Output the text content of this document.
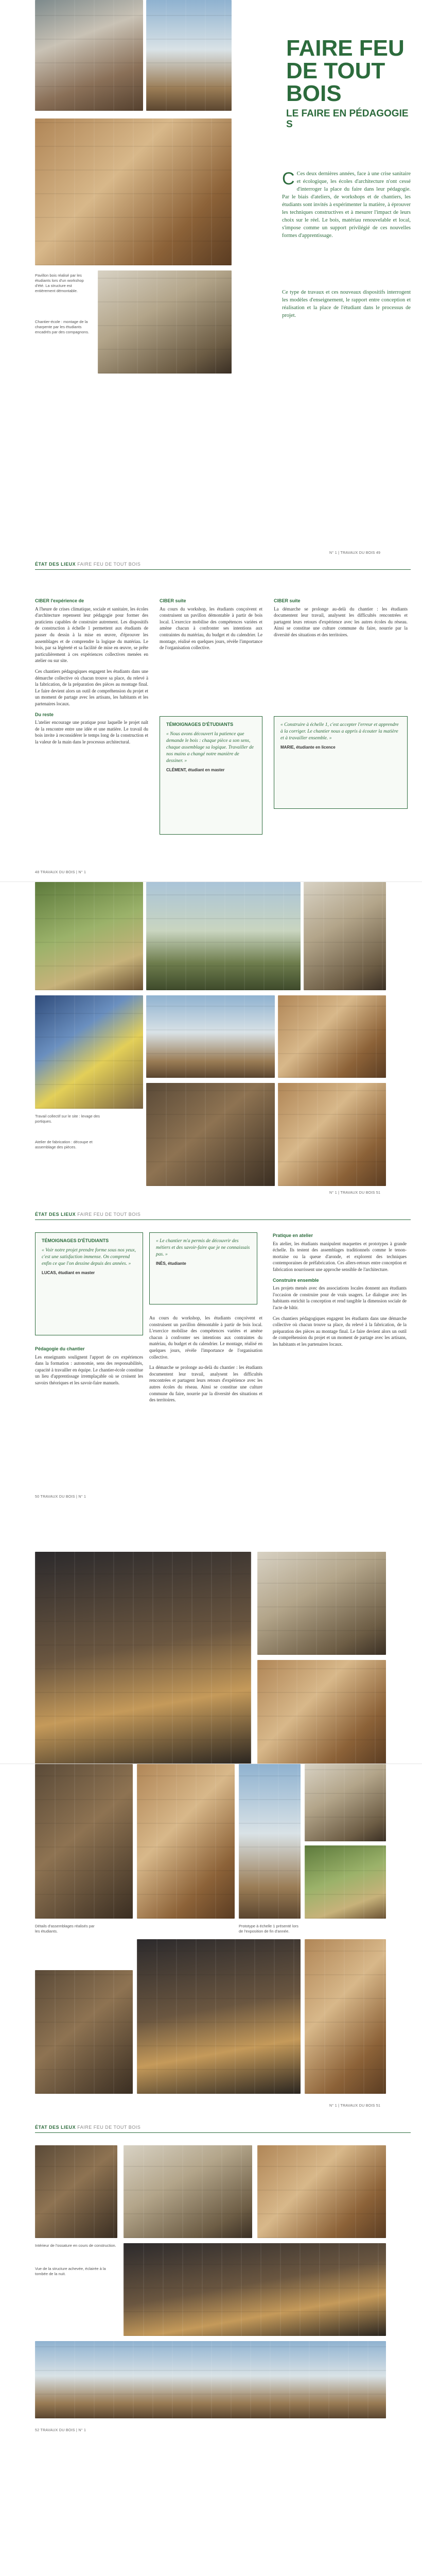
FAIRE FEU DE TOUT BOIS
LE FAIRE EN PÉDAGOGIE S
Pavillon bois réalisé par les étudiants lors d'un workshop d'été. La structure est entièrement démontable.
Chantier-école : montage de la charpente par les étudiants encadrés par des compagnons.
C Ces deux dernières années, face à une crise sanitaire et écologique, les écoles d'architecture n'ont cessé d'interroger la place du faire dans leur pédagogie. Par le biais d'ateliers, de workshops et de chantiers, les étudiants sont invités à expérimenter la matière, à éprouver les techniques constructives et à mesurer l'impact de leurs choix sur le réel. Le bois, matériau renouvelable et local, s'impose comme un support privilégié de ces nouvelles formes d'apprentissage.
Ce type de travaux et ces nouveaux dispositifs interrogent les modèles d'enseignement, le rapport entre conception et réalisation et la place de l'étudiant dans le processus de projet.
N° 1 | TRAVAUX DU BOIS 49
ÉTAT DES LIEUX FAIRE FEU DE TOUT BOIS
CIBER l'expérience de

A l'heure de crises climatique, sociale et sanitaire, les écoles d'architecture repensent leur pédagogie pour former des praticiens capables de construire autrement. Les dispositifs de construction à échelle 1 permettent aux étudiants de passer du dessin à la mise en œuvre, d'éprouver les assemblages et de comprendre la logique du matériau. Le bois, par sa légèreté et sa facilité de mise en œuvre, se prête particulièrement à ces expériences collectives menées en atelier ou sur site.

Ces chantiers pédagogiques engagent les étudiants dans une démarche collective où chacun trouve sa place, du relevé à la fabrication, de la préparation des pièces au montage final. Le faire devient alors un outil de compréhension du projet et un moment de partage avec les artisans, les habitants et les partenaires locaux.

Du reste

L'atelier encourage une pratique pour laquelle le projet naît de la rencontre entre une idée et une matière. Le travail du bois invite à reconsidérer le temps long de la construction et la valeur de la main dans le processus architectural.

CIBER suite

Au cours du workshop, les étudiants conçoivent et construisent un pavillon démontable à partir de bois local. L'exercice mobilise des compétences variées et amène chacun à confronter ses intentions aux contraintes du matériau, du budget et du calendrier. Le montage, réalisé en quelques jours, révèle l'importance de l'organisation collective.

TÉMOIGNAGES D'ÉTUDIANTS
« Nous avons découvert la patience que demande le bois : chaque pièce a son sens, chaque assemblage sa logique. Travailler de nos mains a changé notre manière de dessiner. »
CLÉMENT, étudiant en master
CIBER suite

La démarche se prolonge au-delà du chantier : les étudiants documentent leur travail, analysent les difficultés rencontrées et partagent leurs retours d'expérience avec les autres écoles du réseau. Ainsi se constitue une culture commune du faire, nourrie par la diversité des situations et des territoires.

« Construire à échelle 1, c'est accepter l'erreur et apprendre à la corriger. Le chantier nous a appris à écouter la matière et à travailler ensemble. »
MARIE, étudiante en licence
48 TRAVAUX DU BOIS | N° 1
Travail collectif sur le site : levage des portiques.
Atelier de fabrication : découpe et assemblage des pièces.
N° 1 | TRAVAUX DU BOIS 51
ÉTAT DES LIEUX FAIRE FEU DE TOUT BOIS
TÉMOIGNAGES D'ÉTUDIANTS
« Voir notre projet prendre forme sous nos yeux, c'est une satisfaction immense. On comprend enfin ce que l'on dessine depuis des années. »
LUCAS, étudiant en master
« Le chantier m'a permis de découvrir des métiers et des savoir-faire que je ne connaissais pas. »
INÈS, étudiante
Pédagogie du chantier

Les enseignants soulignent l'apport de ces expériences dans la formation : autonomie, sens des responsabilités, capacité à travailler en équipe. Le chantier-école constitue un lieu d'apprentissage irremplaçable où se croisent les savoirs théoriques et les savoir-faire manuels.

Au cours du workshop, les étudiants conçoivent et construisent un pavillon démontable à partir de bois local. L'exercice mobilise des compétences variées et amène chacun à confronter ses intentions aux contraintes du matériau, du budget et du calendrier. Le montage, réalisé en quelques jours, révèle l'importance de l'organisation collective.

La démarche se prolonge au-delà du chantier : les étudiants documentent leur travail, analysent les difficultés rencontrées et partagent leurs retours d'expérience avec les autres écoles du réseau. Ainsi se constitue une culture commune du faire, nourrie par la diversité des situations et des territoires.

Pratique en atelier

En atelier, les étudiants manipulent maquettes et prototypes à grande échelle. Ils testent des assemblages traditionnels comme le tenon-mortaise ou la queue d'aronde, et explorent des techniques contemporaines de préfabrication. Ces allers-retours entre conception et fabrication nourrissent une approche sensible de l'architecture.

Construire ensemble

Les projets menés avec des associations locales donnent aux étudiants l'occasion de construire pour de vrais usagers. Le dialogue avec les habitants enrichit la conception et rend tangible la dimension sociale de l'acte de bâtir.

Ces chantiers pédagogiques engagent les étudiants dans une démarche collective où chacun trouve sa place, du relevé à la fabrication, de la préparation des pièces au montage final. Le faire devient alors un outil de compréhension du projet et un moment de partage avec les artisans, les habitants et les partenaires locaux.

50 TRAVAUX DU BOIS | N° 1
Détails d'assemblages réalisés par les étudiants.
Prototype à échelle 1 présenté lors de l'exposition de fin d'année.
N° 1 | TRAVAUX DU BOIS 51
ÉTAT DES LIEUX FAIRE FEU DE TOUT BOIS
Intérieur de l'ossature en cours de construction.
Vue de la structure achevée, éclairée à la tombée de la nuit.
52 TRAVAUX DU BOIS | N° 1
